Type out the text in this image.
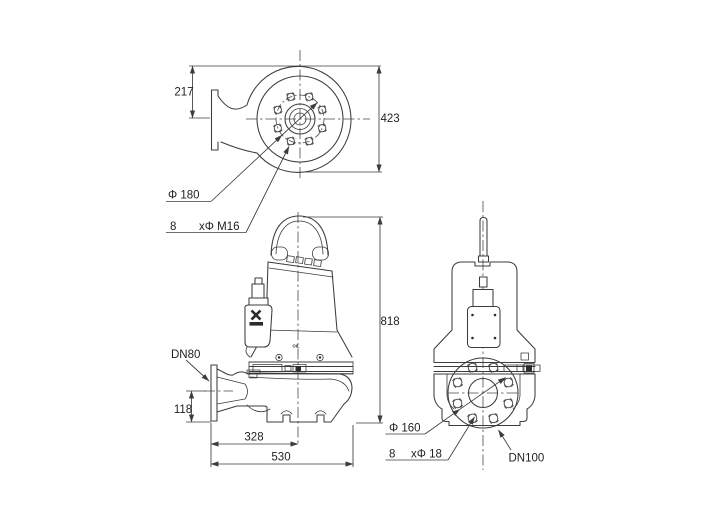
217
423
Φ 180
8 xΦ M16
OIL
DN80
118
328
530
818
Φ 160
8 xΦ 18	DN100
